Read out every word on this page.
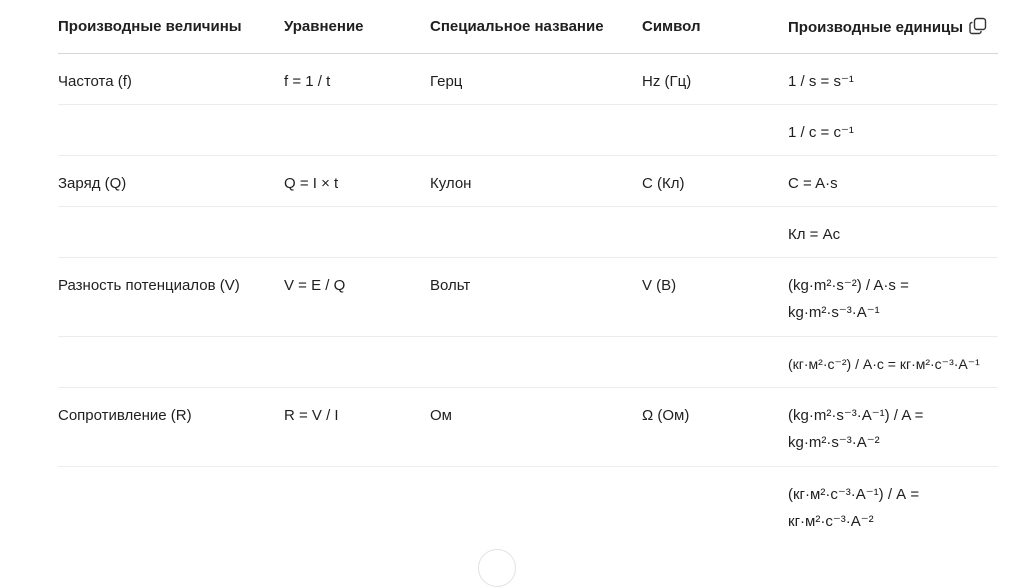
Производные величины	Уравнение	Специальное название	Символ	Производные единицы

Частота (f)	f = 1 / t	Герц	Hz (Гц)	1 / s = s⁻¹
				1 / с = с⁻¹
Заряд (Q)	Q = I × t	Кулон	C (Кл)	C = A·s
				Кл = Ас
Разность потенциалов (V)	V = E / Q	Вольт	V (В)	(kg·m²·s⁻²) / A·s = kg·m²·s⁻³·A⁻¹
				(кг·м²·с⁻²) / А·с = кг·м²·с⁻³·А⁻¹
Сопротивление (R)	R = V / I	Ом	Ω (Ом)	(kg·m²·s⁻³·A⁻¹) / A = kg·m²·s⁻³·A⁻²
				(кг·м²·с⁻³·А⁻¹) / А = кг·м²·с⁻³·А⁻²
